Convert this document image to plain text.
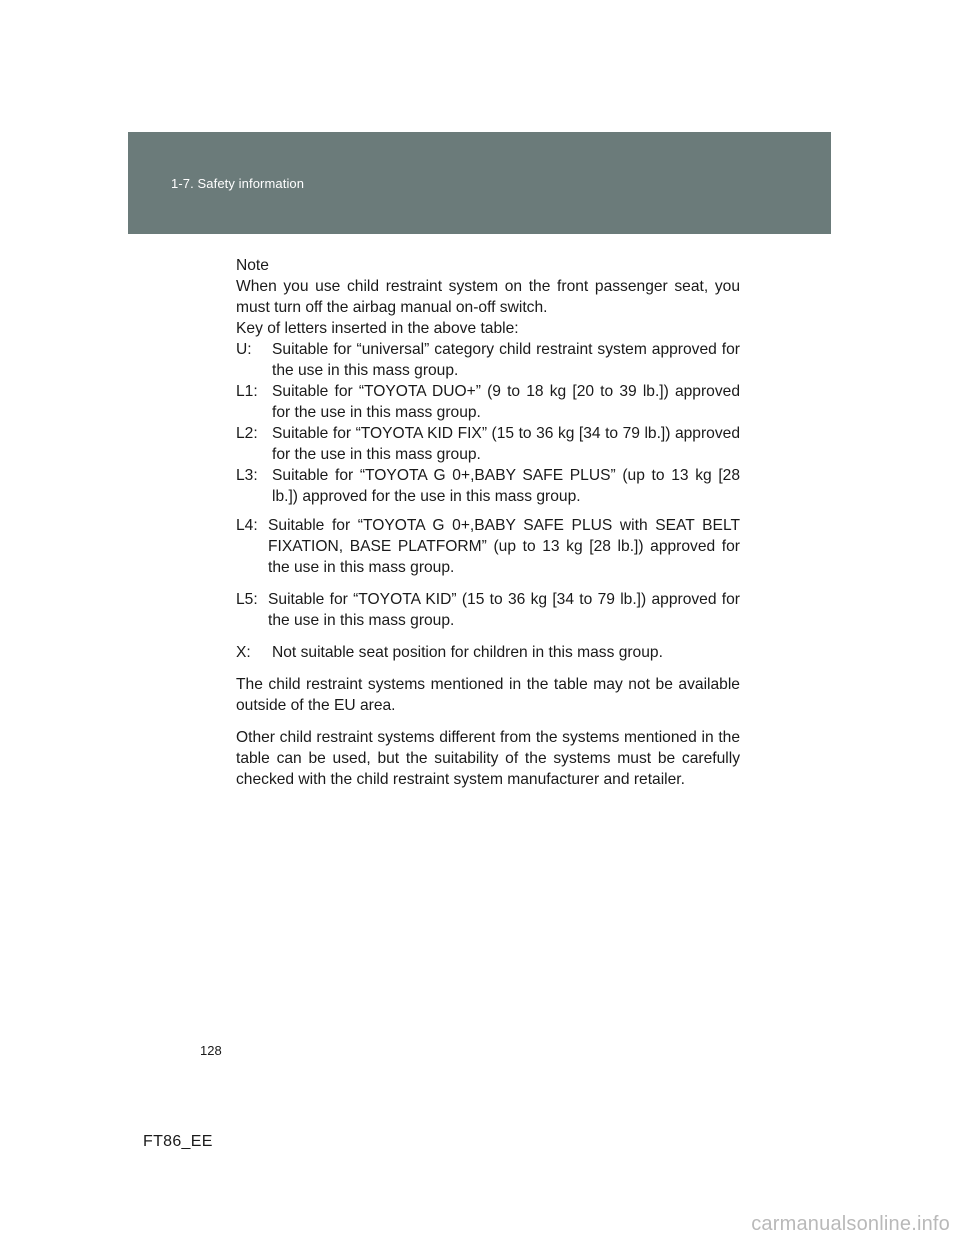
1-7. Safety information

Note

When you use child restraint system on the front passenger seat, you must turn off the airbag manual on-off switch.

Key of letters inserted in the above table:

U: Suitable for “universal” category child restraint system approved for the use in this mass group.

L1: Suitable for “TOYOTA DUO+” (9 to 18 kg [20 to 39 lb.]) approved for the use in this mass group.

L2: Suitable for “TOYOTA KID FIX” (15 to 36 kg [34 to 79 lb.]) approved for the use in this mass group.

L3: Suitable for “TOYOTA G 0+,BABY SAFE PLUS” (up to 13 kg [28 lb.]) approved for the use in this mass group.

L4: Suitable for “TOYOTA G 0+,BABY SAFE PLUS with SEAT BELT FIXATION, BASE PLATFORM” (up to 13 kg [28 lb.]) approved for the use in this mass group.

L5: Suitable for “TOYOTA KID” (15 to 36 kg [34 to 79 lb.]) approved for the use in this mass group.

X: Not suitable seat position for children in this mass group.

The child restraint systems mentioned in the table may not be available outside of the EU area.

Other child restraint systems different from the systems mentioned in the table can be used, but the suitability of the systems must be carefully checked with the child restraint system manufacturer and retailer.

128
FT86_EE
carmanualsonline.info
